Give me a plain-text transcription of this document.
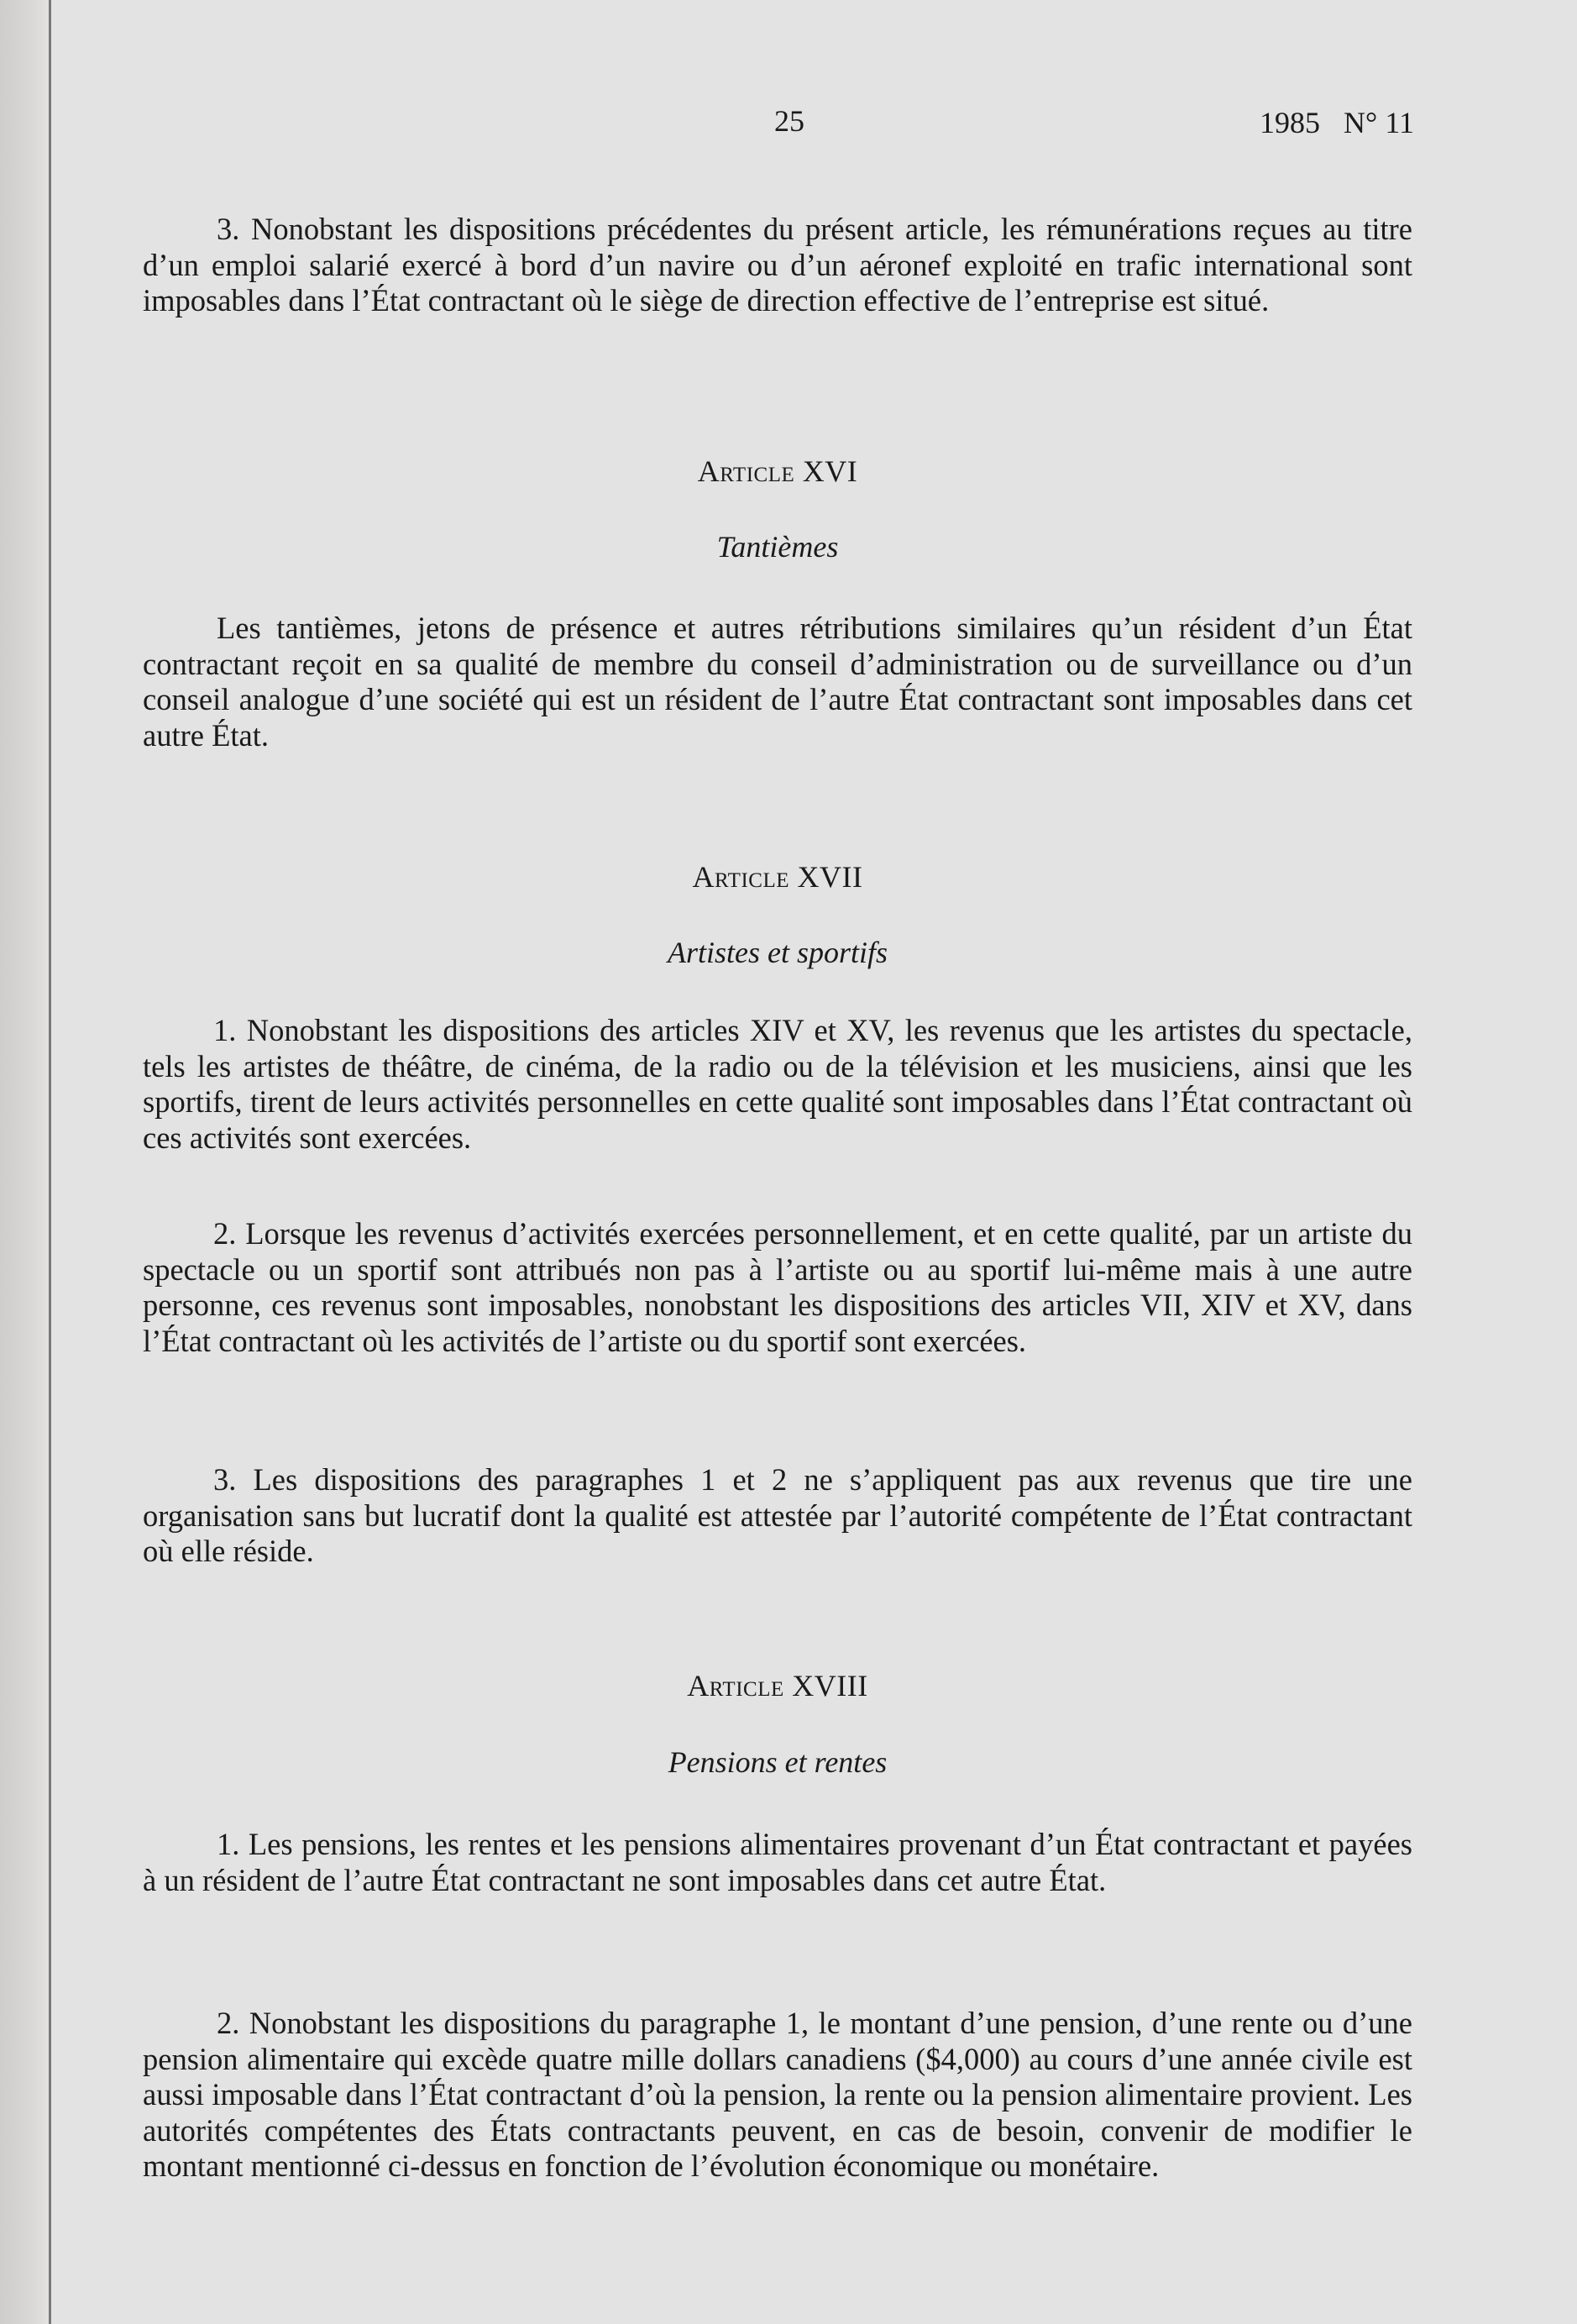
25	1985 N° 11
3. Nonobstant les dispositions précédentes du présent article, les rémunérations reçues au titre d’un emploi salarié exercé à bord d’un navire ou d’un aéronef exploité en trafic international sont imposables dans l’État contractant où le siège de direction effective de l’entreprise est situé.
Article XVI
Tantièmes
Les tantièmes, jetons de présence et autres rétributions similaires qu’un résident d’un État contractant reçoit en sa qualité de membre du conseil d’administration ou de surveillance ou d’un conseil analogue d’une société qui est un résident de l’autre État contractant sont imposables dans cet autre État.
Article XVII
Artistes et sportifs
1. Nonobstant les dispositions des articles XIV et XV, les revenus que les artistes du spectacle, tels les artistes de théâtre, de cinéma, de la radio ou de la télévision et les musiciens, ainsi que les sportifs, tirent de leurs activités personnelles en cette qualité sont imposables dans l’État contractant où ces activités sont exercées.
2. Lorsque les revenus d’activités exercées personnellement, et en cette qualité, par un artiste du spectacle ou un sportif sont attribués non pas à l’artiste ou au sportif lui-même mais à une autre personne, ces revenus sont imposables, nonobstant les dispositions des articles VII, XIV et XV, dans l’État contractant où les activités de l’artiste ou du sportif sont exercées.
3. Les dispositions des paragraphes 1 et 2 ne s’appliquent pas aux revenus que tire une organisation sans but lucratif dont la qualité est attestée par l’autorité compétente de l’État contractant où elle réside.
Article XVIII
Pensions et rentes
1. Les pensions, les rentes et les pensions alimentaires provenant d’un État contractant et payées à un résident de l’autre État contractant ne sont imposables dans cet autre État.
2. Nonobstant les dispositions du paragraphe 1, le montant d’une pension, d’une rente ou d’une pension alimentaire qui excède quatre mille dollars canadiens ($4,000) au cours d’une année civile est aussi imposable dans l’État contractant d’où la pension, la rente ou la pension alimentaire provient. Les autorités compétentes des États contractants peuvent, en cas de besoin, convenir de modifier le montant mentionné ci-dessus en fonction de l’évolution économique ou monétaire.
